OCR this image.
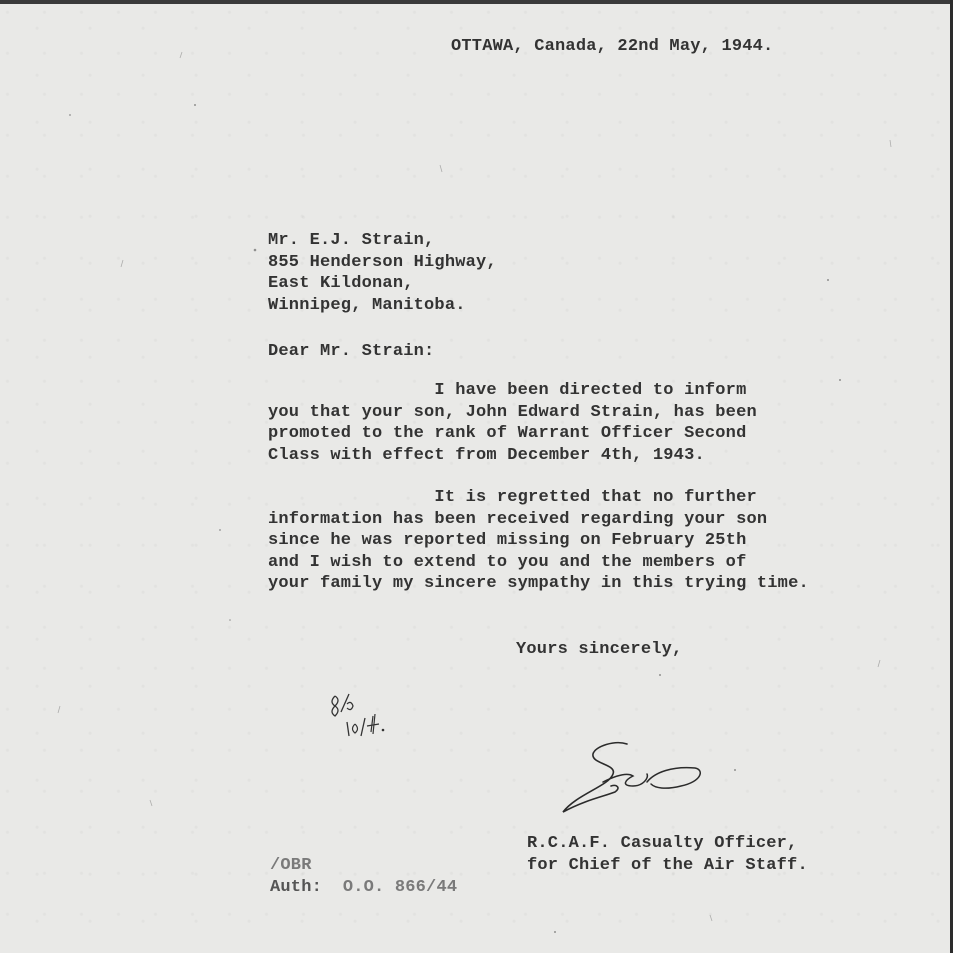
OTTAWA, Canada, 22nd May, 1944.
Mr. E.J. Strain,
855 Henderson Highway,
East Kildonan,
Winnipeg, Manitoba.
Dear Mr. Strain:
I have been directed to inform
you that your son, John Edward Strain, has been
promoted to the rank of Warrant Officer Second
Class with effect from December 4th, 1943.
It is regretted that no further
information has been received regarding your son
since he was reported missing on February 25th
and I wish to extend to you and the members of
your family my sincere sympathy in this trying time.
Yours sincerely,
R.C.A.F. Casualty Officer,
for Chief of the Air Staff.
/OBR
Auth: O.O. 866/44
